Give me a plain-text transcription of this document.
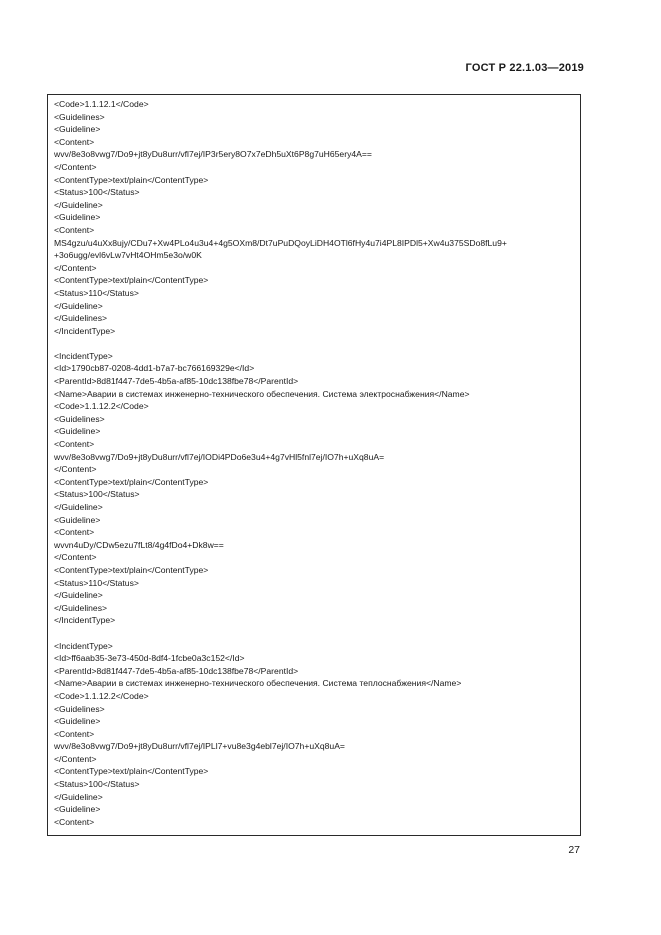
ГОСТ Р 22.1.03—2019
<Code>1.1.12.1</Code>
<Guidelines>
<Guideline>
<Content>
wvv/8e3o8vwg7/Do9+jt8yDu8urr/vfl7ej/IP3r5ery8O7x7eDh5uXt6P8g7uH65ery4A==
</Content>
<ContentType>text/plain</ContentType>
<Status>100</Status>
</Guideline>
<Guideline>
<Content>
MS4gzu/u4uXx8ujy/CDu7+Xw4PLo4u3u4+4g5OXm8/Dt7uPuDQoyLiDH4OTl6fHy4u7i4PL8IPDl5+Xw4u375SDo8fLu9+
+3o6ugg/evl6vLw7vHt4OHm5e3o/w0K
</Content>
<ContentType>text/plain</ContentType>
<Status>110</Status>
</Guideline>
</Guidelines>
</IncidentType>
<IncidentType>
<Id>1790cb87-0208-4dd1-b7a7-bc766169329e</Id>
<ParentId>8d81f447-7de5-4b5a-af85-10dc138fbe78</ParentId>
<Name>Аварии в системах инженерно-технического обеспечения. Система электроснабжения</Name>
<Code>1.1.12.2</Code>
<Guidelines>
<Guideline>
<Content>
wvv/8e3o8vwg7/Do9+jt8yDu8urr/vfl7ej/IODi4PDo6e3u4+4g7vHl5fnl7ej/IO7h+uXq8uA=
</Content>
<ContentType>text/plain</ContentType>
<Status>100</Status>
</Guideline>
<Guideline>
<Content>
wvvn4uDy/CDw5ezu7fLt8/4g4fDo4+Dk8w==
</Content>
<ContentType>text/plain</ContentType>
<Status>110</Status>
</Guideline>
</Guidelines>
</IncidentType>
<IncidentType>
<Id>ff6aab35-3e73-450d-8df4-1fcbe0a3c152</Id>
<ParentId>8d81f447-7de5-4b5a-af85-10dc138fbe78</ParentId>
<Name>Аварии в системах инженерно-технического обеспечения. Система теплоснабжения</Name>
<Code>1.1.12.2</Code>
<Guidelines>
<Guideline>
<Content>
wvv/8e3o8vwg7/Do9+jt8yDu8urr/vfl7ej/IPLl7+vu8e3g4ebl7ej/IO7h+uXq8uA=
</Content>
<ContentType>text/plain</ContentType>
<Status>100</Status>
</Guideline>
<Guideline>
<Content>
27
